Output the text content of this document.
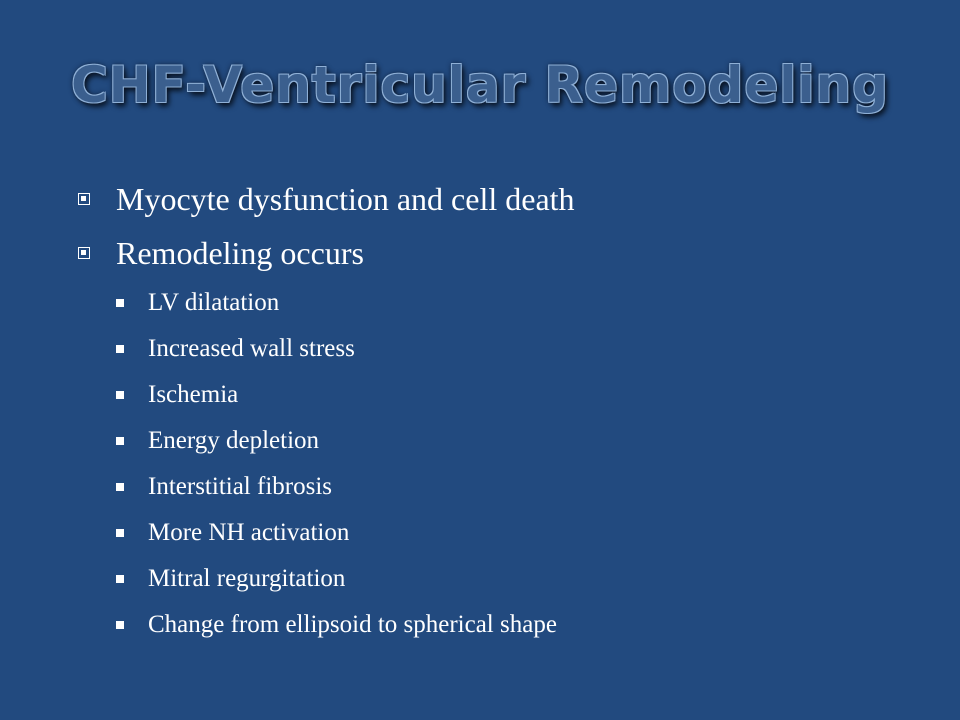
CHF-Ventricular Remodeling
Myocyte dysfunction and cell death
Remodeling occurs
LV dilatation
Increased wall stress
Ischemia
Energy depletion
Interstitial fibrosis
More NH activation
Mitral regurgitation
Change from ellipsoid to spherical shape
